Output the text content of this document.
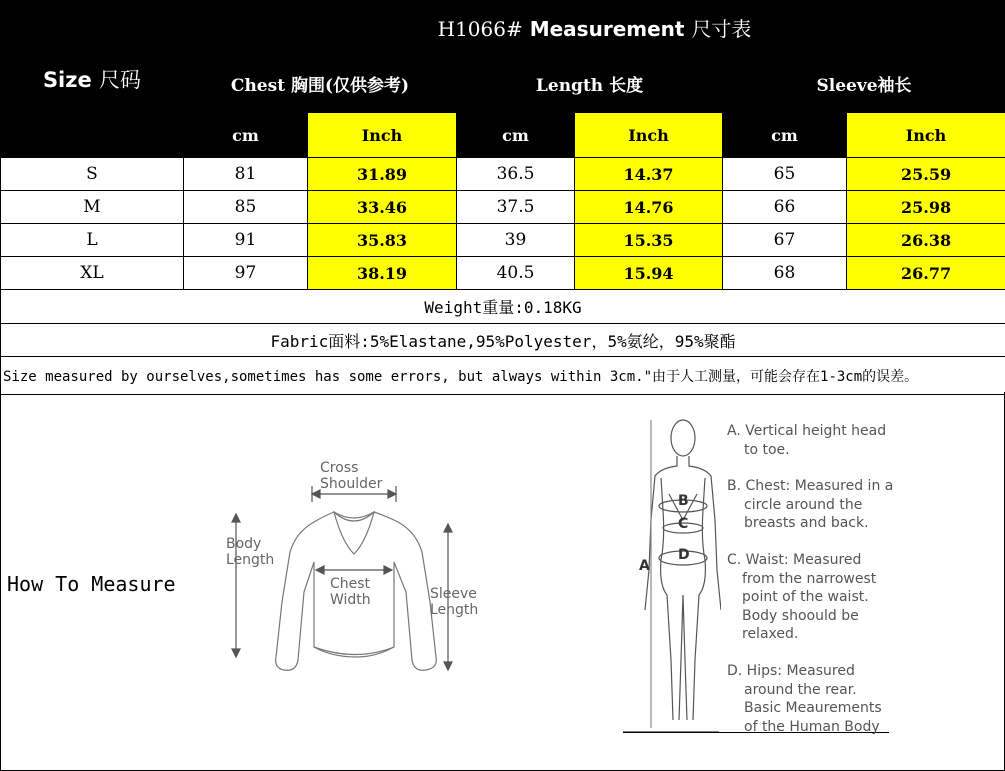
Size 尺码	H1066# Measurement 尺寸表					
	Chest 胸围(仅供参考)		Length 长度		Sleeve袖长	
	cm	Inch	cm	Inch	cm	Inch
S	81	31.89	36.5	14.37	65	25.59
M	85	33.46	37.5	14.76	66	25.98
L	91	35.83	39	15.35	67	26.38
XL	97	38.19	40.5	15.94	68	26.77
Weight重量:0.18KG						
Fabric面料:5%Elastane,95%Polyester，5%氨纶，95%聚酯						
Size measured by ourselves,sometimes has some errors, but always within 3cm."由于人工测量，可能会存在1-3cm的误差。						
How To Measure
Cross
Shoulder
Body
Length
Chest
Width	Sleeve
Length
A
B
C
D
A. Vertical height head
to toe.
B. Chest: Measured in a
circle around the
breasts and back.
C. Waist: Measured
from the narrowest
point of the waist.
Body shoould be
relaxed.
D. Hips: Measured
around the rear.
Basic Meaurements
of the Human Body
